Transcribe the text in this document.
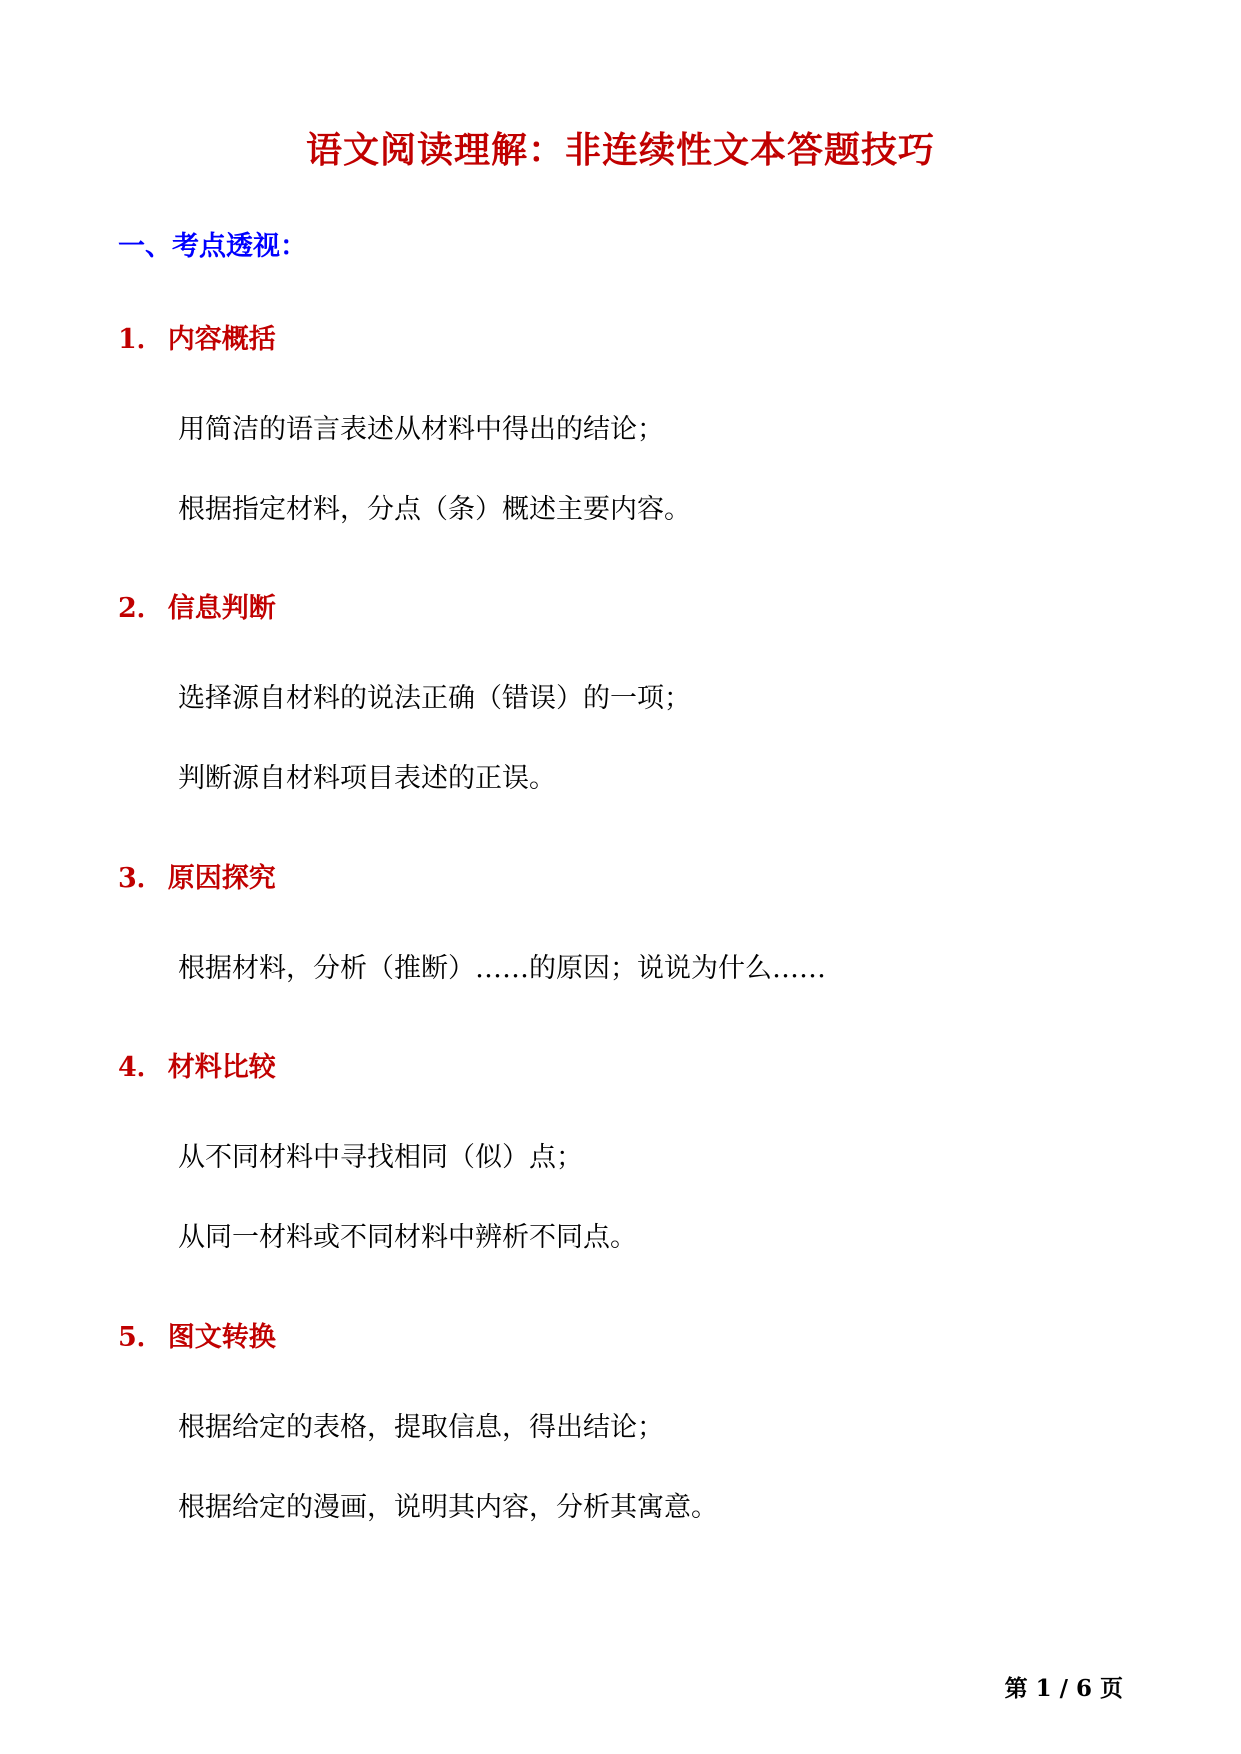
语文阅读理解：非连续性文本答题技巧
一、考点透视：
1． 内容概括

用简洁的语言表述从材料中得出的结论；

根据指定材料，分点（条）概述主要内容。

2． 信息判断

选择源自材料的说法正确（错误）的一项；

判断源自材料项目表述的正误。

3． 原因探究

根据材料，分析（推断）……的原因；说说为什么……

4． 材料比较

从不同材料中寻找相同（似）点；

从同一材料或不同材料中辨析不同点。

5． 图文转换

根据给定的表格，提取信息，得出结论；

根据给定的漫画，说明其内容，分析其寓意。

第 1 / 6 页
